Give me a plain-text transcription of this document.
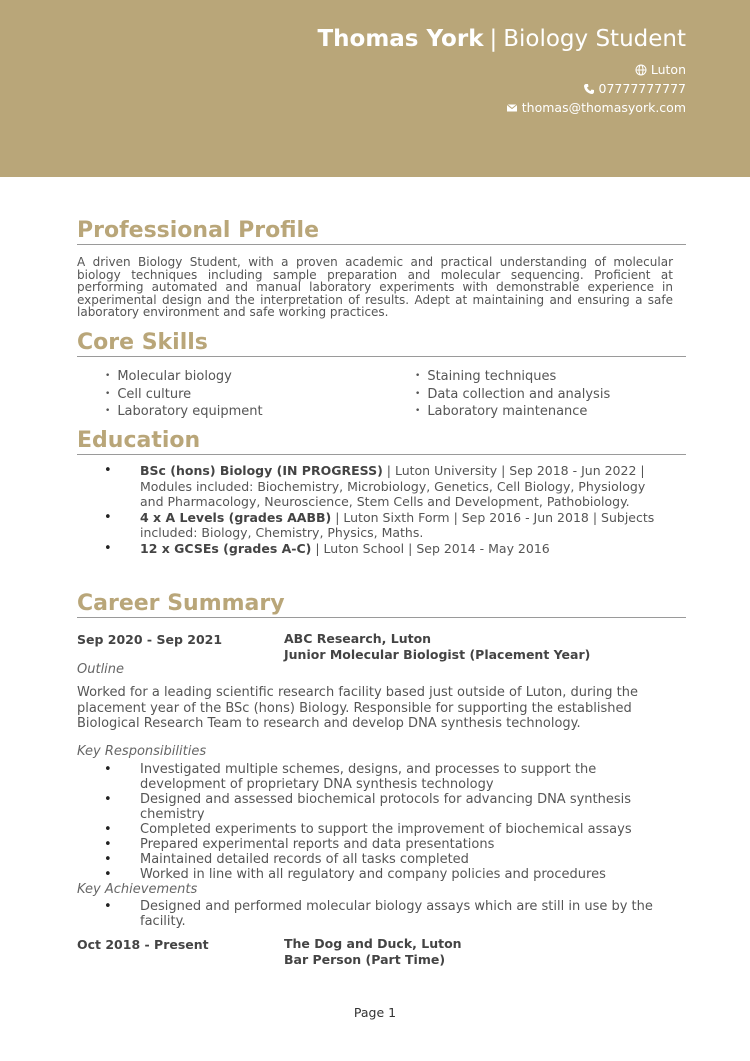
Thomas York | Biology Student
Luton
07777777777
thomas@thomasyork.com
Professional Profile
A driven Biology Student, with a proven academic and practical understanding of molecular biology techniques including sample preparation and molecular sequencing. Proficient at performing automated and manual laboratory experiments with demonstrable experience in experimental design and the interpretation of results. Adept at maintaining and ensuring a safe laboratory environment and safe working practices.
Core Skills
• Molecular biology
• Cell culture
• Laboratory equipment
• Staining techniques
• Data collection and analysis
• Laboratory maintenance
Education
• BSc (hons) Biology (IN PROGRESS) | Luton University | Sep 2018 - Jun 2022 | Modules included: Biochemistry, Microbiology, Genetics, Cell Biology, Physiology and Pharmacology, Neuroscience, Stem Cells and Development, Pathobiology.
• 4 x A Levels (grades AABB) | Luton Sixth Form | Sep 2016 - Jun 2018 | Subjects included: Biology, Chemistry, Physics, Maths.
• 12 x GCSEs (grades A-C) | Luton School | Sep 2014 - May 2016
Career Summary
Sep 2020 - Sep 2021	ABC Research, Luton
Junior Molecular Biologist (Placement Year)
Outline
Worked for a leading scientific research facility based just outside of Luton, during the placement year of the BSc (hons) Biology. Responsible for supporting the established Biological Research Team to research and develop DNA synthesis technology.
Key Responsibilities
• Investigated multiple schemes, designs, and processes to support the development of proprietary DNA synthesis technology
• Designed and assessed biochemical protocols for advancing DNA synthesis chemistry
• Completed experiments to support the improvement of biochemical assays
• Prepared experimental reports and data presentations
• Maintained detailed records of all tasks completed
• Worked in line with all regulatory and company policies and procedures
Key Achievements
• Designed and performed molecular biology assays which are still in use by the facility.
Oct 2018 - Present	The Dog and Duck, Luton
Bar Person (Part Time)
Page 1
